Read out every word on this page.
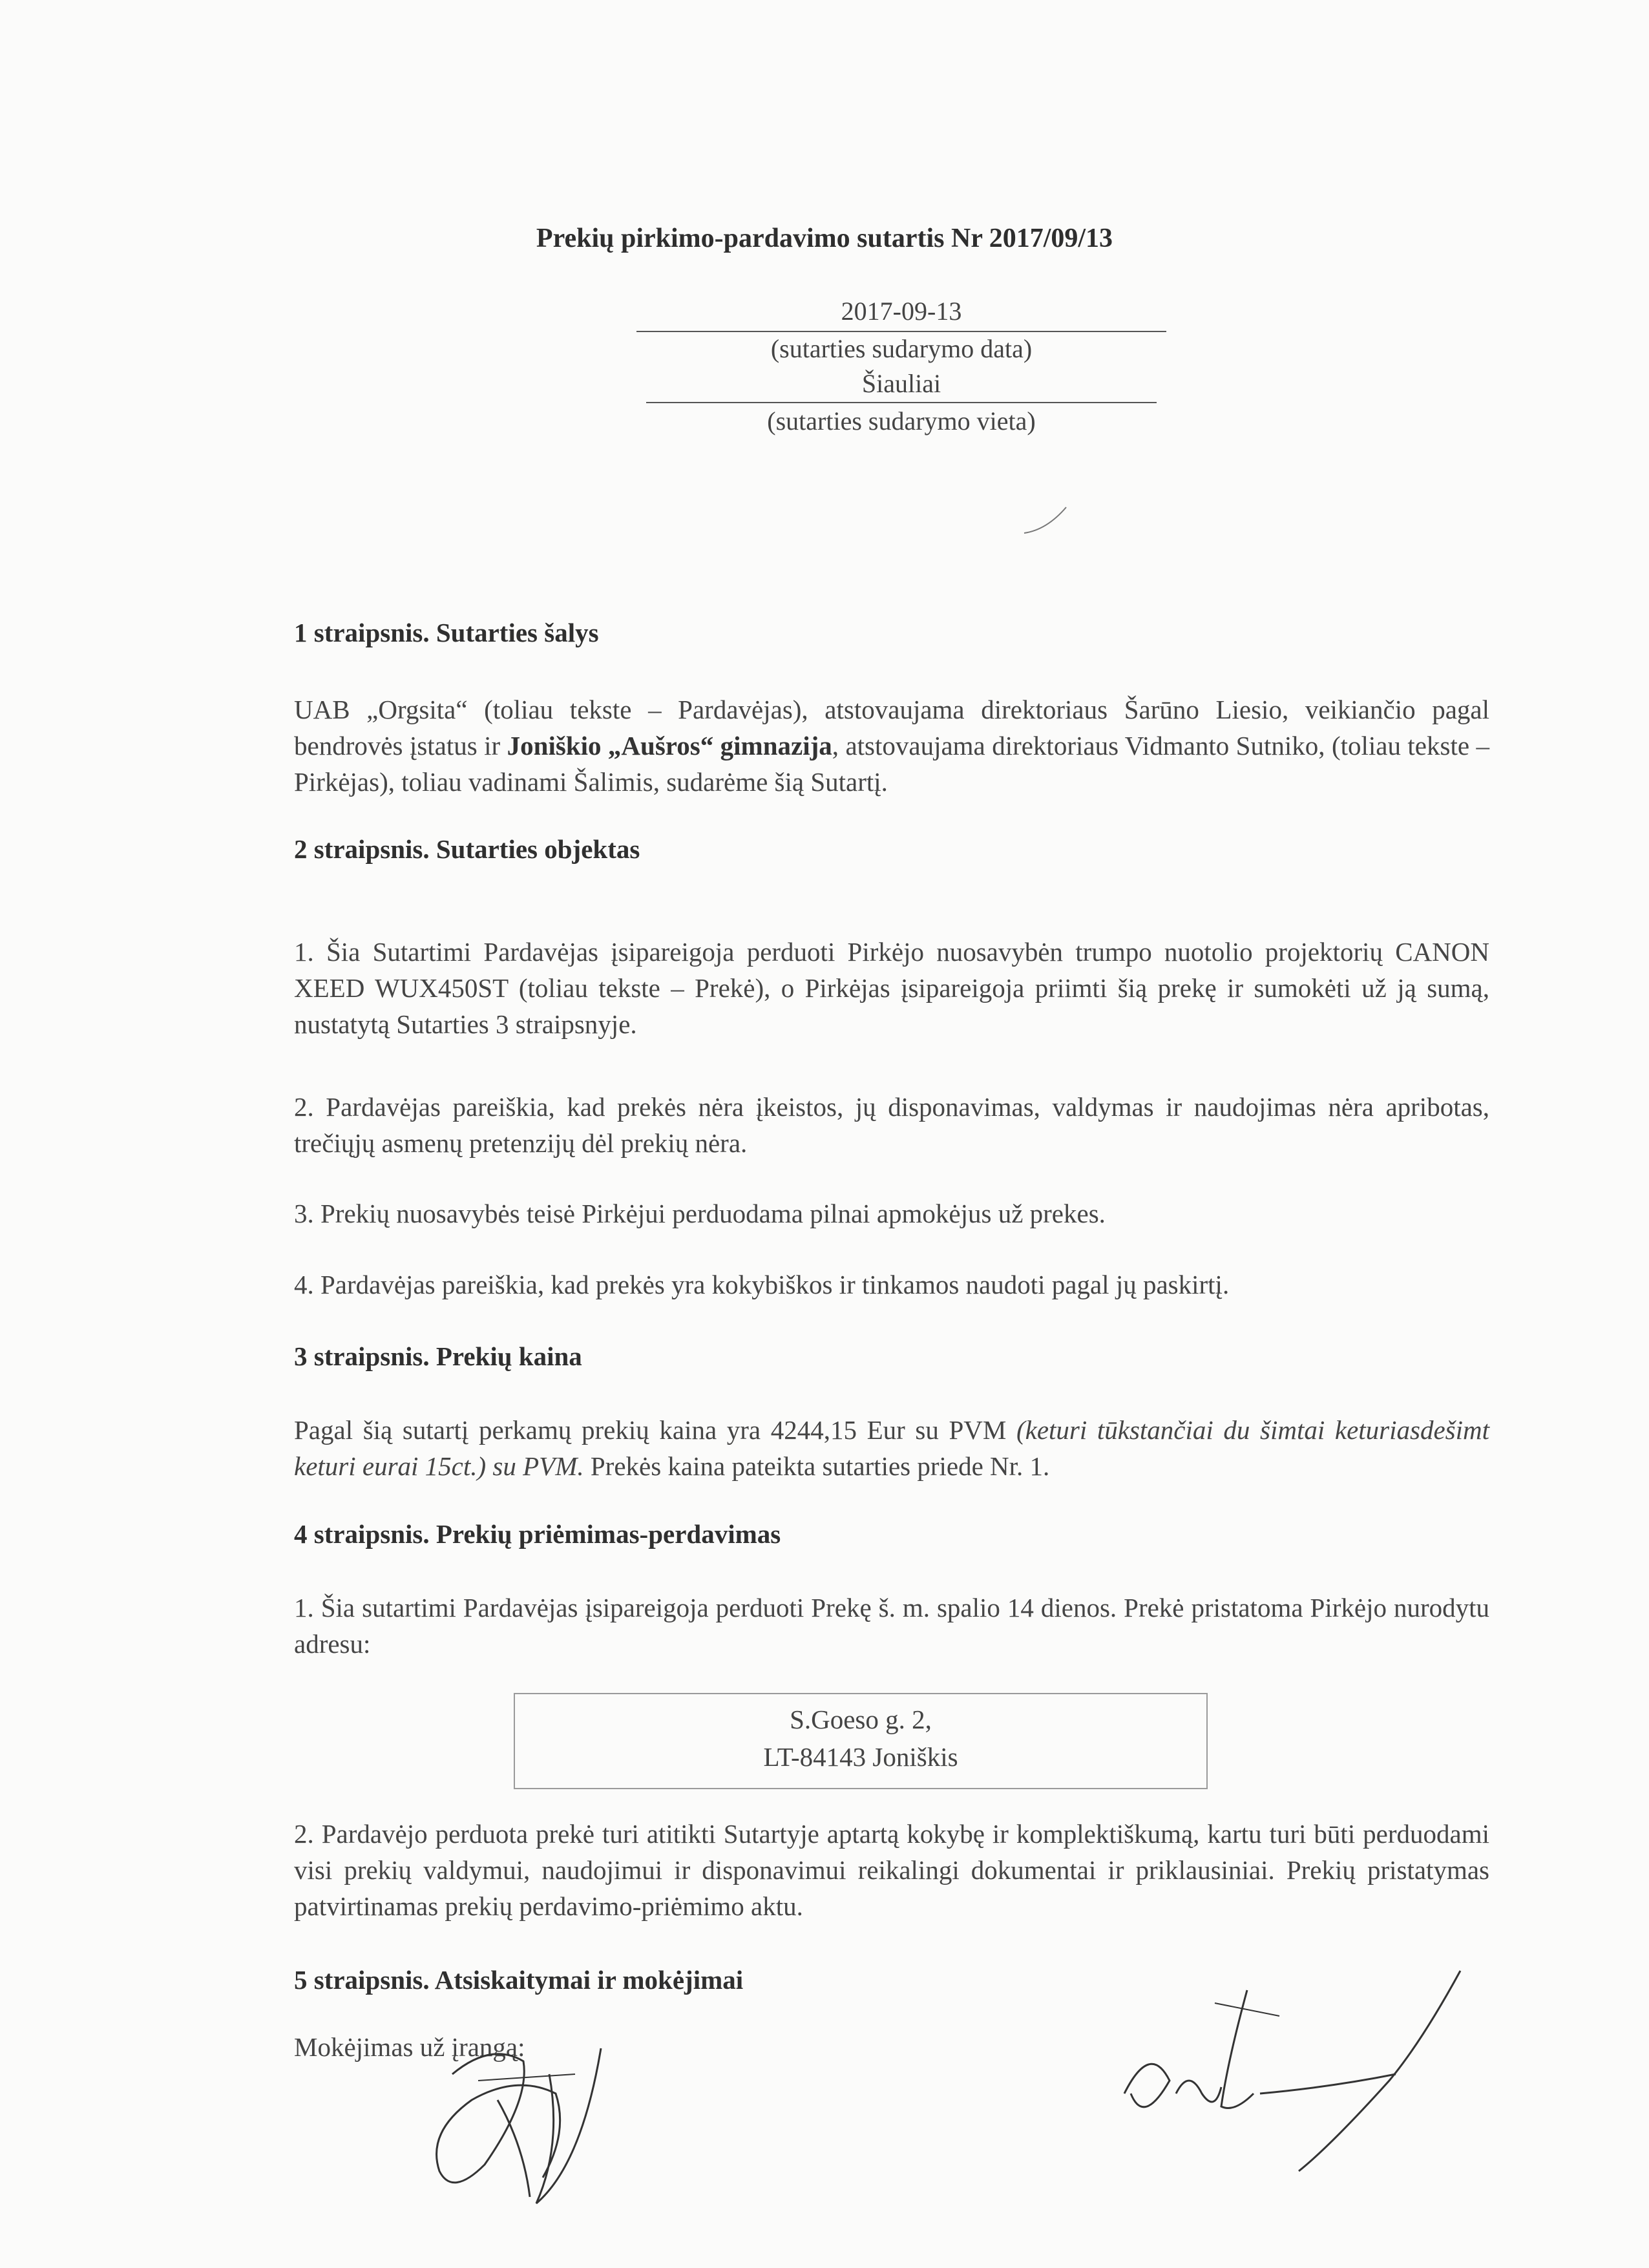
Prekių pirkimo-pardavimo sutartis Nr 2017/09/13
2017-09-13
(sutarties sudarymo data)
Šiauliai
(sutarties sudarymo vieta)
1 straipsnis. Sutarties šalys
UAB „Orgsita“ (toliau tekste – Pardavėjas), atstovaujama direktoriaus Šarūno Liesio, veikiančio pagal bendrovės įstatus ir Joniškio „Aušros“ gimnazija, atstovaujama direktoriaus Vidmanto Sutniko, (toliau tekste – Pirkėjas), toliau vadinami Šalimis, sudarėme šią Sutartį.
2 straipsnis. Sutarties objektas
1. Šia Sutartimi Pardavėjas įsipareigoja perduoti Pirkėjo nuosavybėn trumpo nuotolio projektorių CANON XEED WUX450ST (toliau tekste – Prekė), o Pirkėjas įsipareigoja priimti šią prekę ir sumokėti už ją sumą, nustatytą Sutarties 3 straipsnyje.
2. Pardavėjas pareiškia, kad prekės nėra įkeistos, jų disponavimas, valdymas ir naudojimas nėra apribotas, trečiųjų asmenų pretenzijų dėl prekių nėra.
3. Prekių nuosavybės teisė Pirkėjui perduodama pilnai apmokėjus už prekes.
4. Pardavėjas pareiškia, kad prekės yra kokybiškos ir tinkamos naudoti pagal jų paskirtį.
3 straipsnis. Prekių kaina
Pagal šią sutartį perkamų prekių kaina yra 4244,15 Eur su PVM (keturi tūkstančiai du šimtai keturiasdešimt keturi eurai 15ct.) su PVM. Prekės kaina pateikta sutarties priede Nr. 1.
4 straipsnis. Prekių priėmimas-perdavimas
1. Šia sutartimi Pardavėjas įsipareigoja perduoti Prekę š. m. spalio 14 dienos. Prekė pristatoma Pirkėjo nurodytu adresu:
S.Goeso g. 2,
LT-84143 Joniškis
2. Pardavėjo perduota prekė turi atitikti Sutartyje aptartą kokybę ir komplektiškumą, kartu turi būti perduodami visi prekių valdymui, naudojimui ir disponavimui reikalingi dokumentai ir priklausiniai. Prekių pristatymas patvirtinamas prekių perdavimo-priėmimo aktu.
5 straipsnis. Atsiskaitymai ir mokėjimai
Mokėjimas už įrangą:
